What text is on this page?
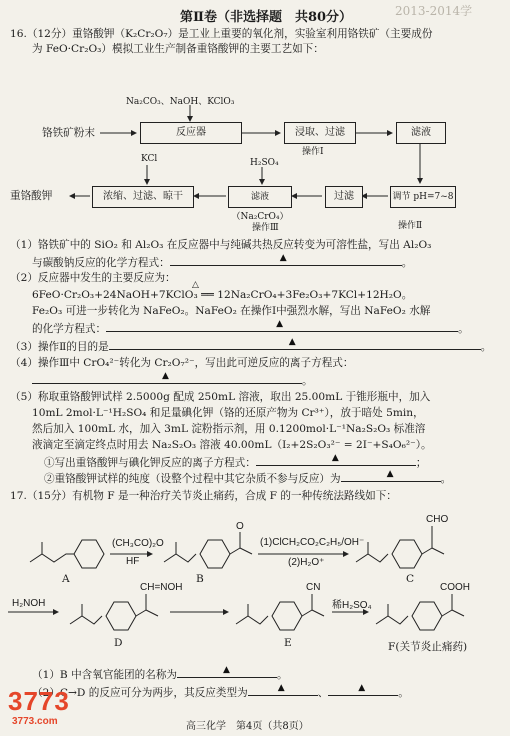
2013-2014学
第Ⅱ卷（非选择题　共80分）
16.（12分）重铬酸钾（K₂Cr₂O₇）是工业上重要的氧化剂，实验室利用铬铁矿（主要成份
为 FeO·Cr₂O₃）模拟工业生产制备重铬酸钾的主要工艺如下：
Na₂CO₃、NaOH、KClO₃
铬铁矿粉末	反应器	浸取、过滤	滤液
操作Ⅰ
KCl	H₂SO₄
重铬酸钾	浓缩、过滤、晾干	滤液（Na₂CrO₄）
过滤	调节 pH=7~8
操作Ⅲ	操作Ⅱ
（1）铬铁矿中的 SiO₂ 和 Al₂O₃ 在反应器中与纯碱共热反应转变为可溶性盐，写出 Al₂O₃
与碳酸钠反应的化学方程式：	▲	。
（2）反应器中发生的主要反应为：
△
6FeO·Cr₂O₃+24NaOH+7KClO₃ ══ 12Na₂CrO₄+3Fe₂O₃+7KCl+12H₂O。
Fe₂O₃ 可进一步转化为 NaFeO₂。NaFeO₂ 在操作Ⅰ中强烈水解，写出 NaFeO₂ 水解
的化学方程式：	▲	。
（3）操作Ⅱ的目的是	▲	。
（4）操作Ⅲ中 CrO₄²⁻转化为 Cr₂O₇²⁻，写出此可逆反应的离子方程式：
▲	。
（5）称取重铬酸钾试样 2.5000g 配成 250mL 溶液，取出 25.00mL 于锥形瓶中，加入
10mL 2mol·L⁻¹H₂SO₄ 和足量碘化钾（铬的还原产物为 Cr³⁺），放于暗处 5min，
然后加入 100mL 水，加入 3mL 淀粉指示剂，用 0.1200mol·L⁻¹Na₂S₂O₃ 标准溶
液滴定至滴定终点时用去 Na₂S₂O₃ 溶液 40.00mL（I₂+2S₂O₃²⁻ = 2I⁻+S₄O₆²⁻）。
①写出重铬酸钾与碘化钾反应的离子方程式：	▲	；
②重铬酸钾试样的纯度（设整个过程中其它杂质不参与反应）为	▲	。
17.（15分）有机物 F 是一种治疗关节炎止痛药，合成 F 的一种传统法路线如下：
(CH₃CO)₂O
HF
O
(1)ClCH₂CO₂C₂H₅/OH⁻
(2)H₂O⁺
CHO
A	B	C
H₂NOH
CH=NOH	CN
稀H₂SO₄
COOH
D	E	F(关节炎止痛药)
（1）B 中含氧官能团的名称为	▲	。
（2）C→D 的反应可分为两步，其反应类型为	▲	、	▲	。
3773
3773.com	高三化学　第4页（共8页）
